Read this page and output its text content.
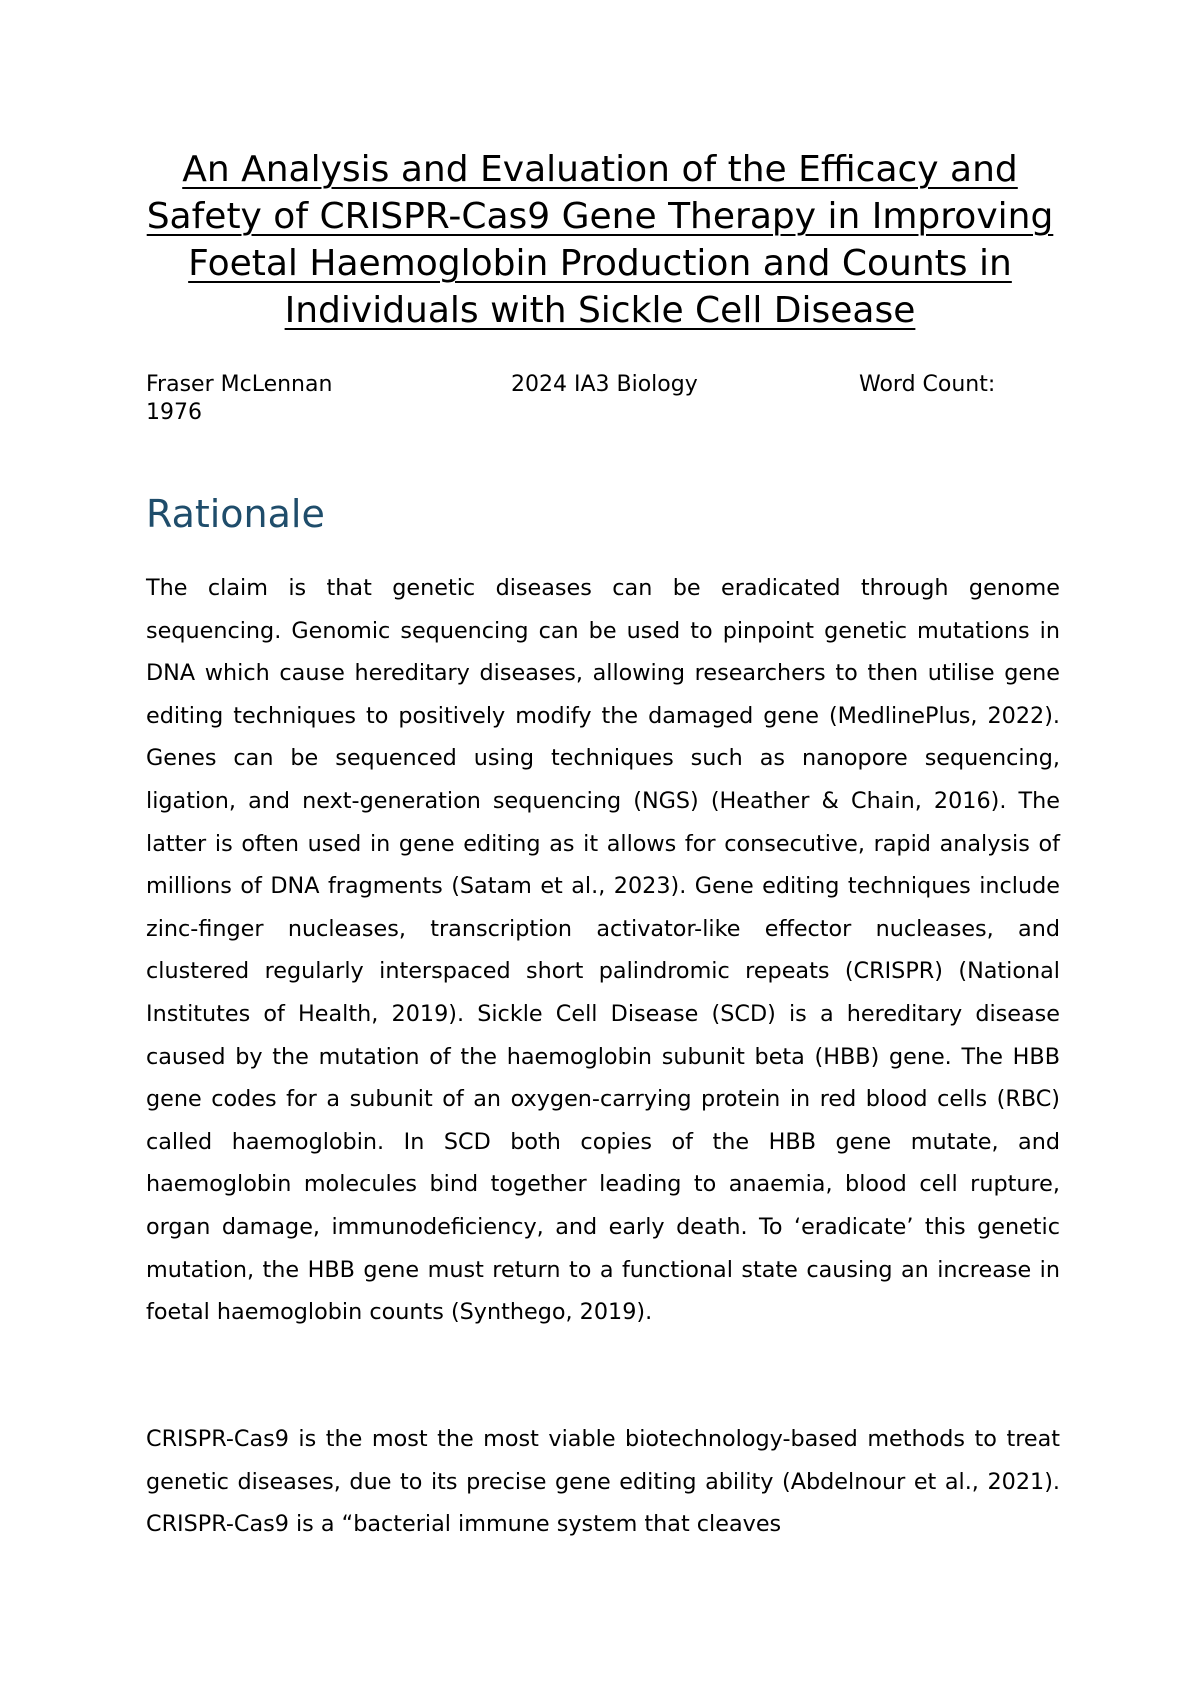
An Analysis and Evaluation of the Efficacy and Safety of CRISPR-Cas9 Gene Therapy in Improving Foetal Haemoglobin Production and Counts in Individuals with Sickle Cell Disease
Fraser McLennan	2024 IA3 Biology	Word Count:
1976
Rationale

The claim is that genetic diseases can be eradicated through genome sequencing. Genomic sequencing can be used to pinpoint genetic mutations in DNA which cause hereditary diseases, allowing researchers to then utilise gene editing techniques to positively modify the damaged gene (MedlinePlus, 2022). Genes can be sequenced using techniques such as nanopore sequencing, ligation, and next-generation sequencing (NGS) (Heather & Chain, 2016). The latter is often used in gene editing as it allows for consecutive, rapid analysis of millions of DNA fragments (Satam et al., 2023). Gene editing techniques include zinc-finger nucleases, transcription activator-like effector nucleases, and clustered regularly interspaced short palindromic repeats (CRISPR) (National Institutes of Health, 2019). Sickle Cell Disease (SCD) is a hereditary disease caused by the mutation of the haemoglobin subunit beta (HBB) gene. The HBB gene codes for a subunit of an oxygen-carrying protein in red blood cells (RBC) called haemoglobin. In SCD both copies of the HBB gene mutate, and haemoglobin molecules bind together leading to anaemia, blood cell rupture, organ damage, immunodeficiency, and early death. To ‘eradicate’ this genetic mutation, the HBB gene must return to a functional state causing an increase in foetal haemoglobin counts (Synthego, 2019).

CRISPR-Cas9 is the most the most viable biotechnology-based methods to treat genetic diseases, due to its precise gene editing ability (Abdelnour et al., 2021). CRISPR-Cas9 is a “bacterial immune system that cleaves
